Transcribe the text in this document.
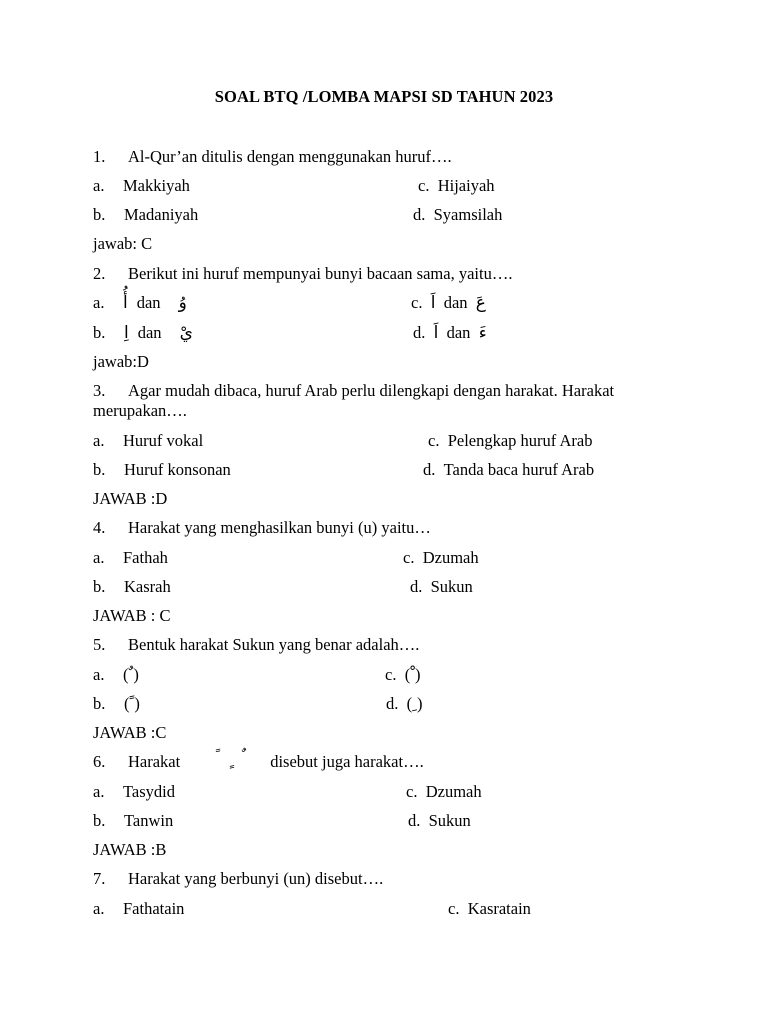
SOAL BTQ /LOMBA MAPSI SD TAHUN 2023
1. Al-Qur’an ditulis dengan menggunakan huruf….
a. Makkiyah	c. Hijaiyah
b. Madaniyah	d. Syamsilah
jawab: C
2. Berikut ini huruf mempunyai bunyi bacaan sama, yaitu….
a. أُ dan وُ	c. اَ dan عَ
b. اِ dan يْ	d. اَ dan ءَ
jawab:D
3. Agar mudah dibaca, huruf Arab perlu dilengkapi dengan harakat. Harakat merupakan….
a. Huruf vokal	c. Pelengkap huruf Arab
b. Huruf konsonan	d. Tanda baca huruf Arab
JAWAB :D
4. Harakat yang menghasilkan bunyi (u) yaitu…
a. Fathah	c. Dzumah
b. Kasrah	d. Sukun
JAWAB : C
5. Bentuk harakat Sukun yang benar adalah….
a. ( ٌ)	c. ( ْ)
b. ( ً)	d. ( ِ)
JAWAB :C
6. Harakat	disebut juga harakat….
a. Tasydid	c. Dzumah
b. Tanwin	d. Sukun
JAWAB :B
7. Harakat yang berbunyi (un) disebut….
a. Fathatain	c. Kasratain
